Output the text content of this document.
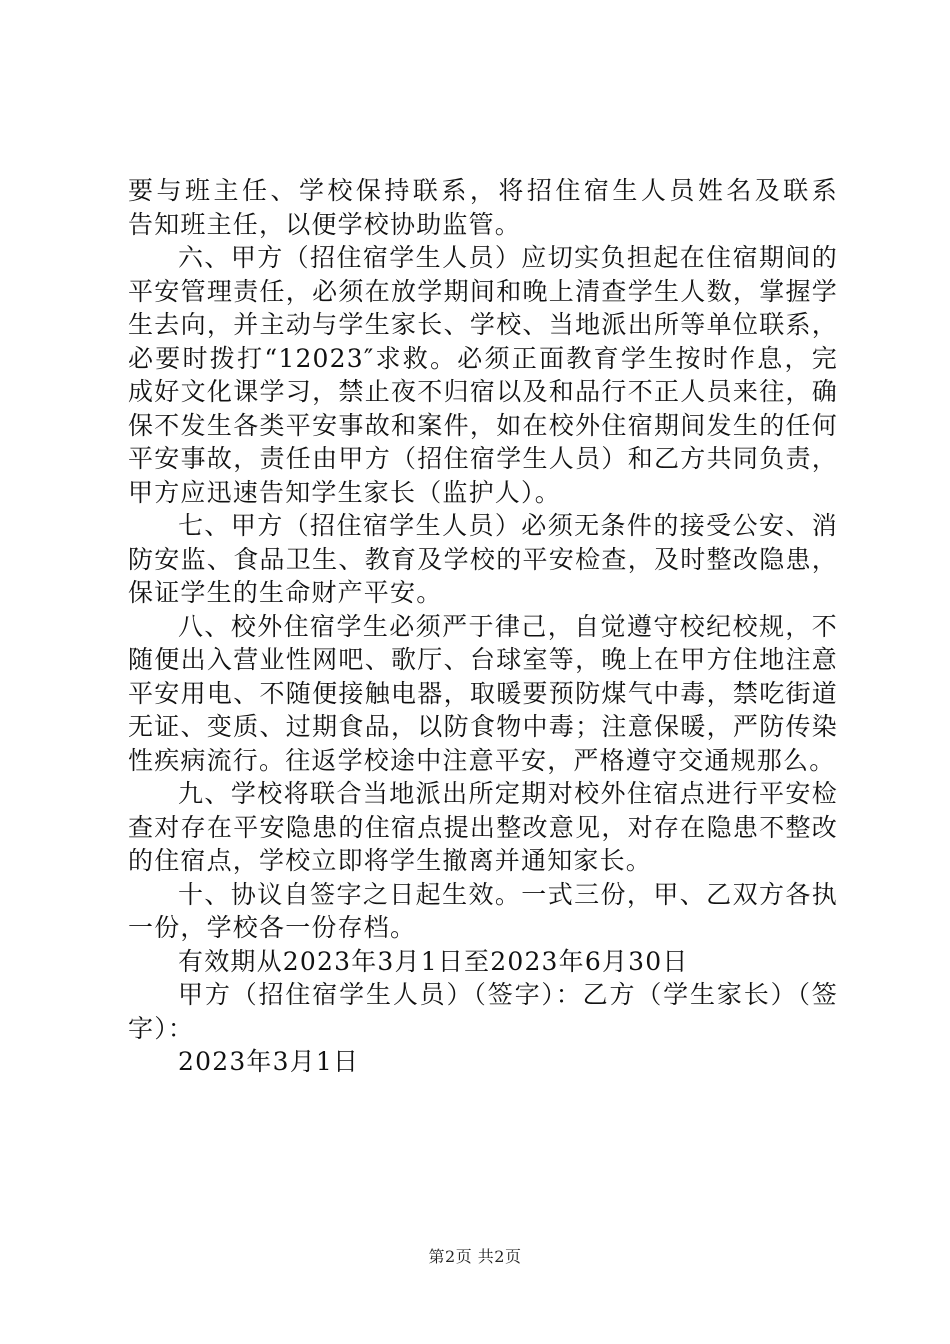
要与班主任、学校保持联系，将招住宿生人员姓名及联系　　告知班主任，以便学校协助监管。

六、甲方（招住宿学生人员）应切实负担起在住宿期间的平安管理责任，必须在放学期间和晚上清查学生人数，掌握学生去向，并主动与学生家长、学校、当地派出所等单位联系，必要时拨打“12023″求救。必须正面教育学生按时作息，完成好文化课学习，禁止夜不归宿以及和品行不正人员来往，确保不发生各类平安事故和案件，如在校外住宿期间发生的任何平安事故，责任由甲方（招住宿学生人员）和乙方共同负责，甲方应迅速告知学生家长（监护人）。

七、甲方（招住宿学生人员）必须无条件的接受公安、消防安监、食品卫生、教育及学校的平安检查，及时整改隐患，保证学生的生命财产平安。

八、校外住宿学生必须严于律己，自觉遵守校纪校规，不随便出入营业性网吧、歌厅、台球室等，晚上在甲方住地注意平安用电、不随便接触电器，取暖要预防煤气中毒，禁吃街道无证、变质、过期食品，以防食物中毒；注意保暖，严防传染性疾病流行。往返学校途中注意平安，严格遵守交通规那么。

九、学校将联合当地派出所定期对校外住宿点进行平安检查对存在平安隐患的住宿点提出整改意见，对存在隐患不整改的住宿点，学校立即将学生撤离并通知家长。

十、协议自签字之日起生效。一式三份，甲、乙双方各执一份，学校各一份存档。

有效期从2023年3月1日至2023年6月30日

甲方（招住宿学生人员）（签字）：乙方（学生家长）（签字）：

2023年3月1日

第2页 共2页
